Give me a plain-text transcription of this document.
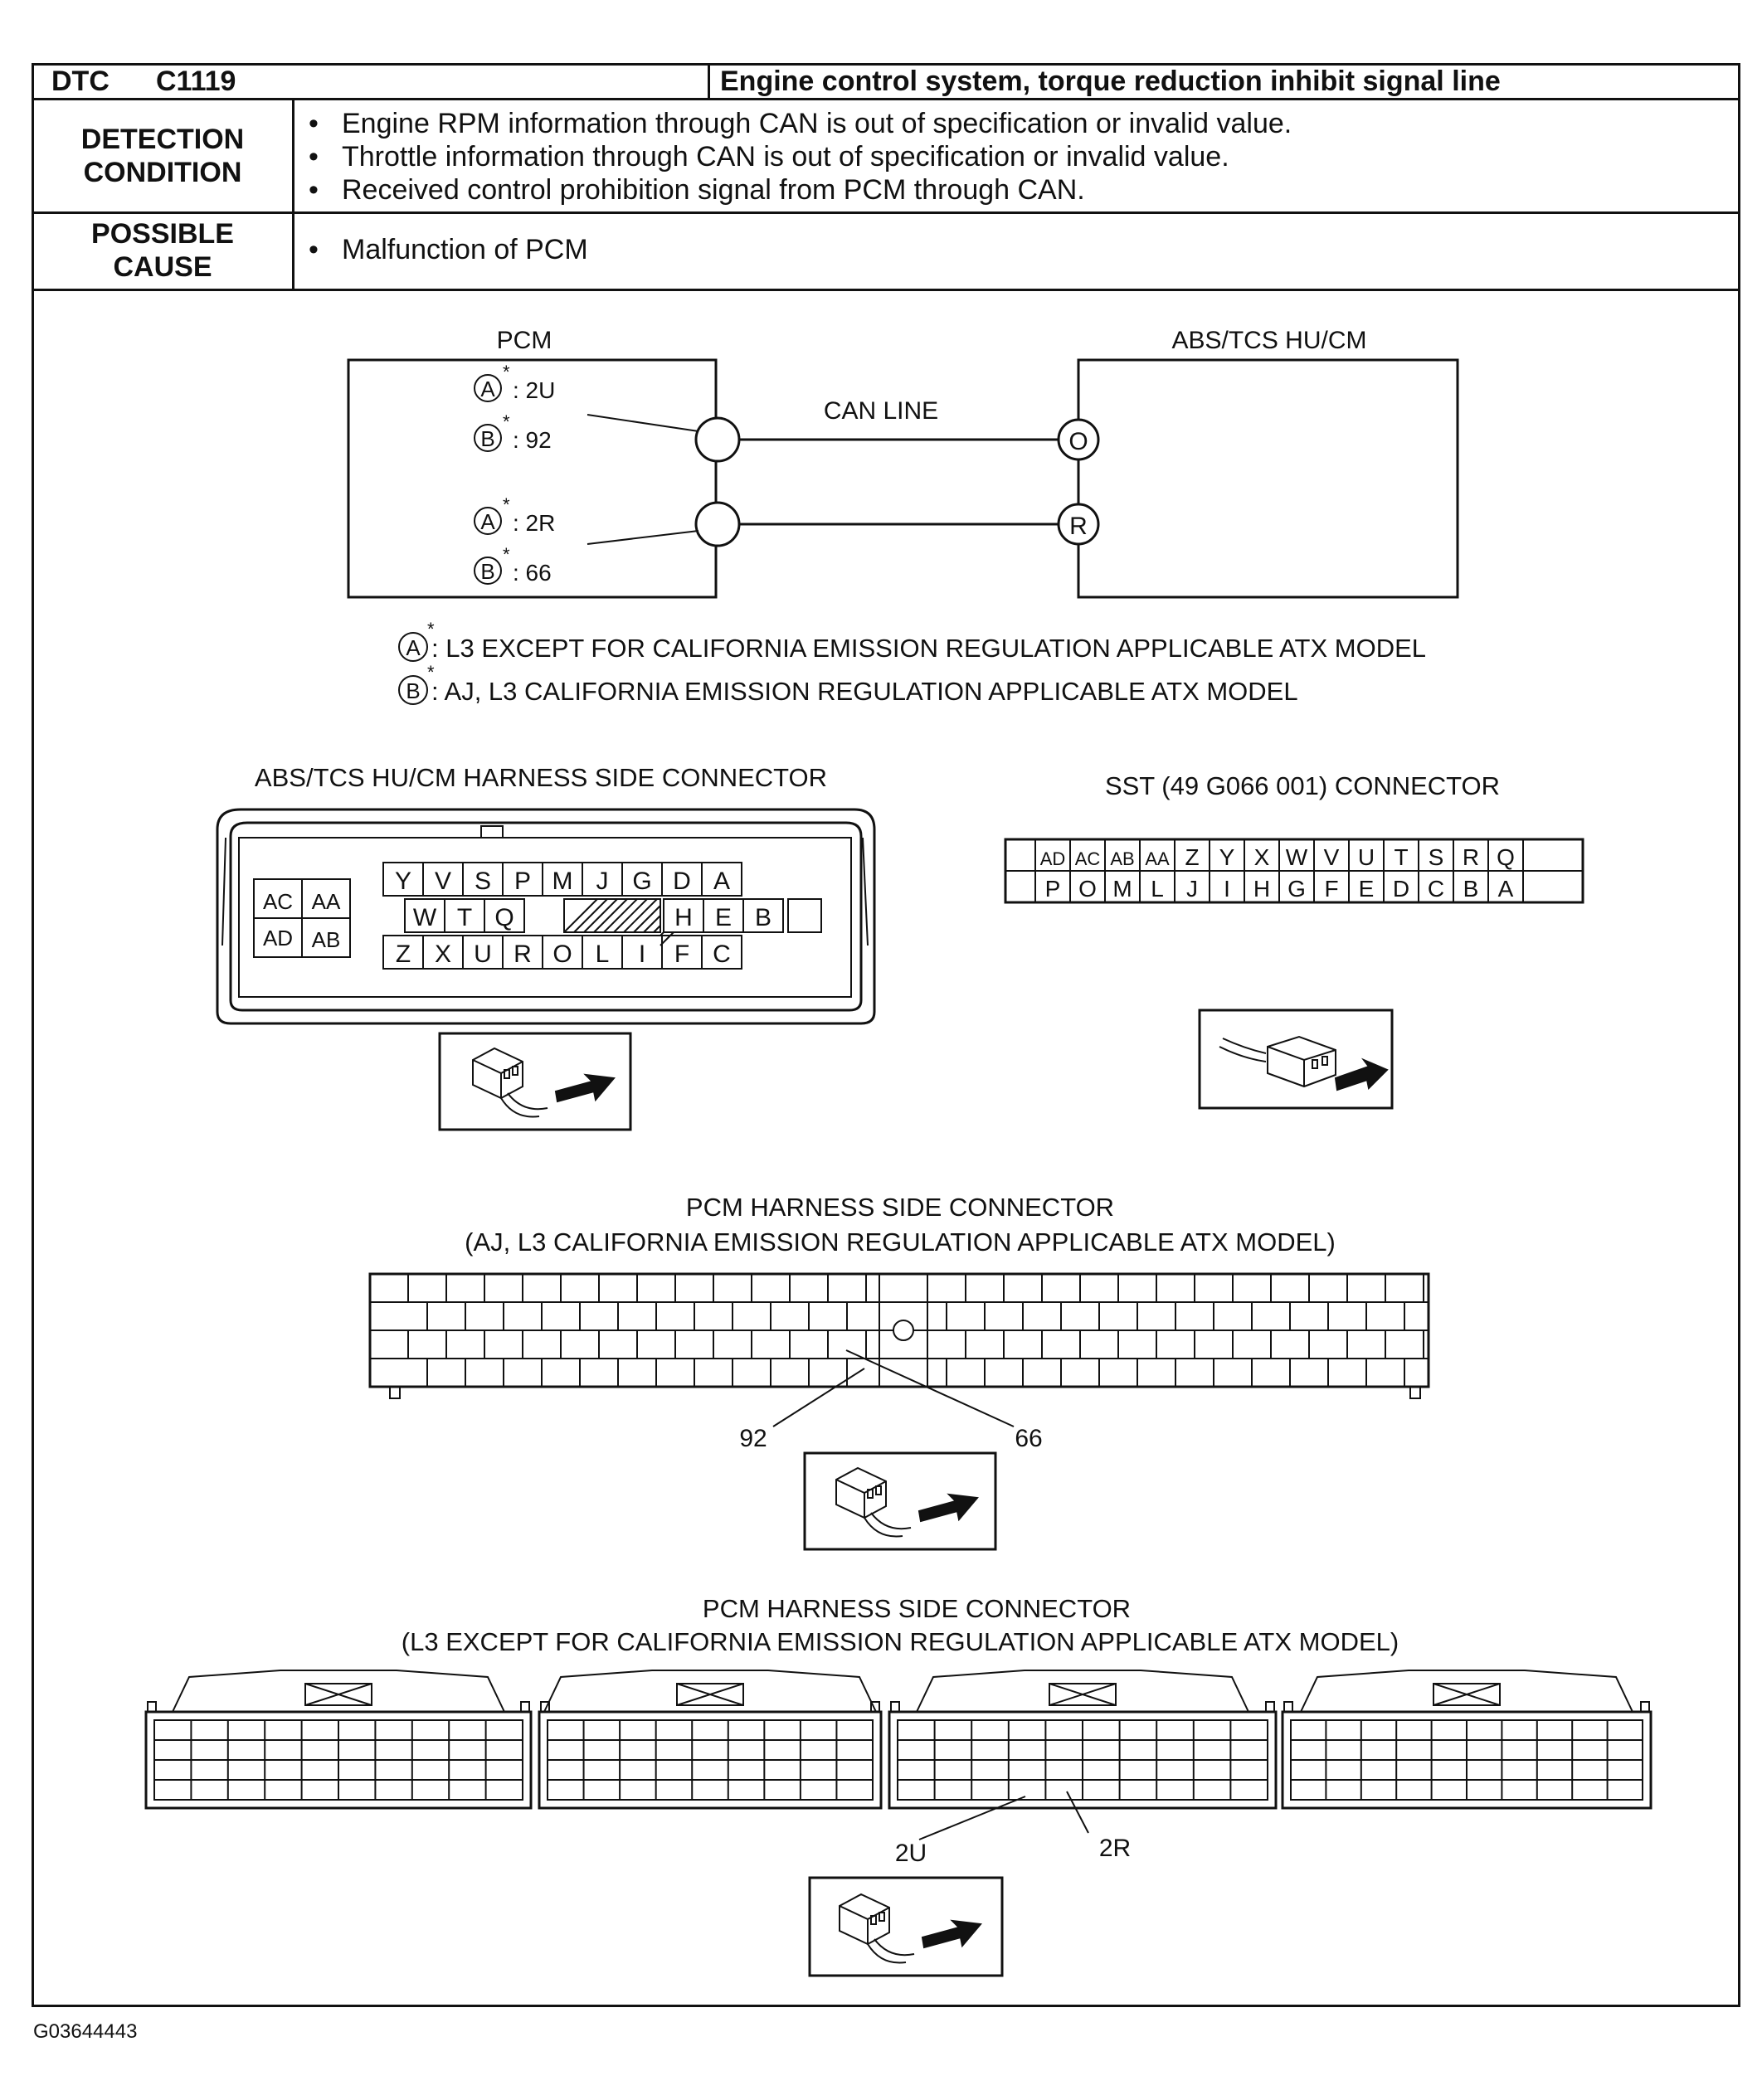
DTC C1119	Engine control system, torque reduction inhibit signal line
DETECTION
CONDITION
• Engine RPM information through CAN is out of specification or invalid value.
• Throttle information through CAN is out of specification or invalid value.
• Received control prohibition signal from PCM through CAN.
POSSIBLE
CAUSE
• Malfunction of PCM
G03644443
PCM	ABS/TCS HU/CM
CAN LINE
O
R
A
*
: 2U
B
*
: 92
A
*
: 2R
B
*
: 66
A
*
: L3 EXCEPT FOR CALIFORNIA EMISSION REGULATION APPLICABLE ATX MODEL
B
*
: AJ, L3 CALIFORNIA EMISSION REGULATION APPLICABLE ATX MODEL
ABS/TCS HU/CM HARNESS SIDE CONNECTOR
AC AA
AD AB
Y V S P M J G D A
W T Q	H E B
Z X U R O L I F C
SST (49 G066 001) CONNECTOR
AD AC AB AA Z Y X W V U T S R Q
P O M L J I H G F E D C B A
PCM HARNESS SIDE CONNECTOR
(AJ, L3 CALIFORNIA EMISSION REGULATION APPLICABLE ATX MODEL)
92	66
PCM HARNESS SIDE CONNECTOR
(L3 EXCEPT FOR CALIFORNIA EMISSION REGULATION APPLICABLE ATX MODEL)
2U	2R
